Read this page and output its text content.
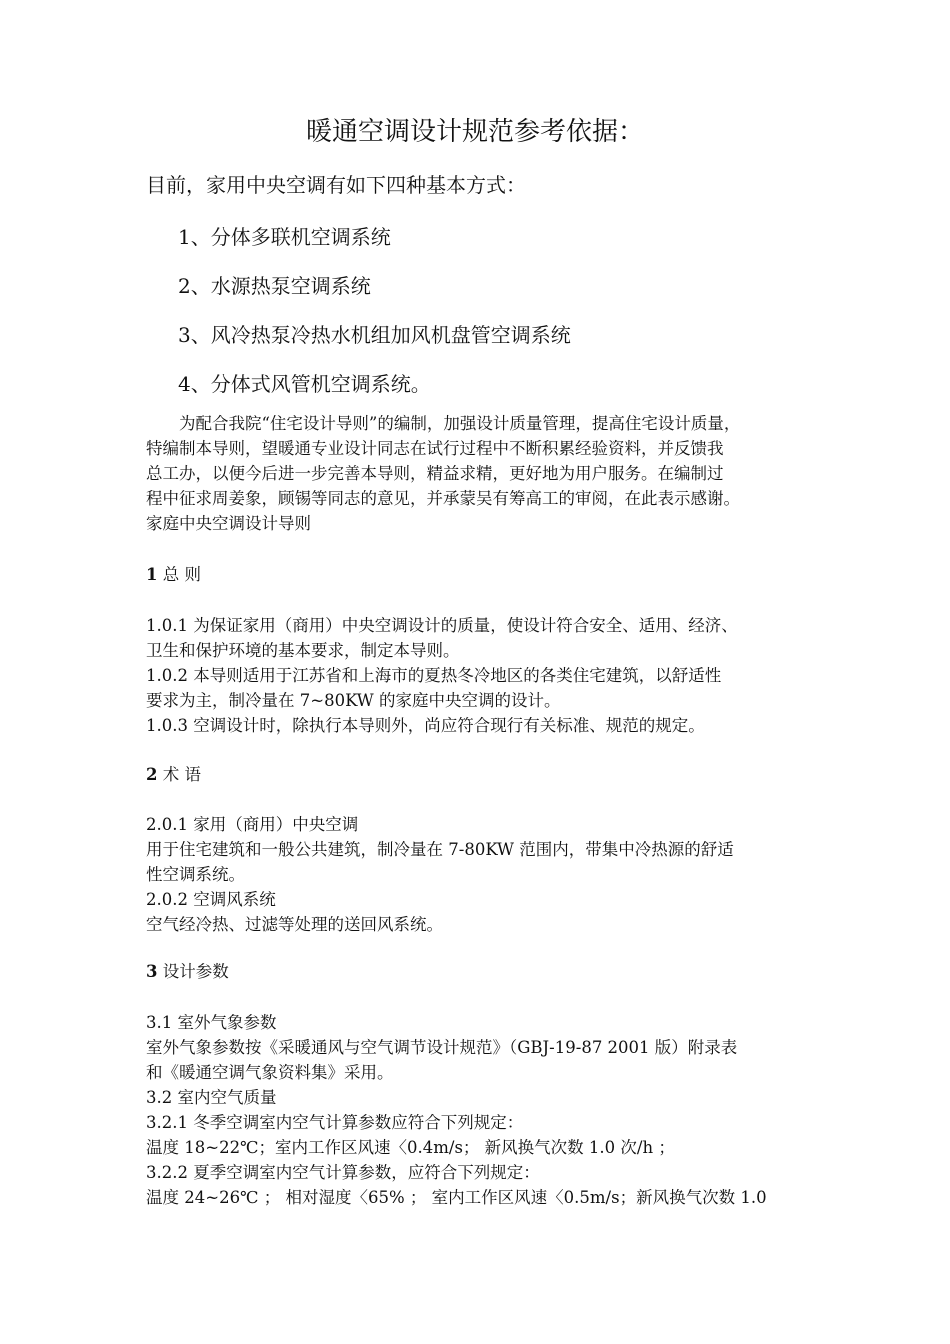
暖通空调设计规范参考依据：
目前，家用中央空调有如下四种基本方式：
1、分体多联机空调系统
2、水源热泵空调系统
3、风冷热泵冷热水机组加风机盘管空调系统
4、分体式风管机空调系统。
　　为配合我院“住宅设计导则”的编制，加强设计质量管理，提高住宅设计质量，
特编制本导则，望暖通专业设计同志在试行过程中不断积累经验资料，并反馈我
总工办，以便今后进一步完善本导则，精益求精，更好地为用户服务。在编制过
程中征求周姜象，顾锡等同志的意见，并承蒙吴有筹高工的审阅，在此表示感谢。
家庭中央空调设计导则
1 总 则
1.0.1 为保证家用（商用）中央空调设计的质量，使设计符合安全、适用、经济、
卫生和保护环境的基本要求，制定本导则。
1.0.2 本导则适用于江苏省和上海市的夏热冬冷地区的各类住宅建筑，以舒适性
要求为主，制冷量在 7~80KW 的家庭中央空调的设计。
1.0.3 空调设计时，除执行本导则外，尚应符合现行有关标准、规范的规定。
2 术 语
2.0.1 家用（商用）中央空调
用于住宅建筑和一般公共建筑，制冷量在 7-80KW 范围内，带集中冷热源的舒适
性空调系统。
2.0.2 空调风系统
空气经冷热、过滤等处理的送回风系统。
3 设计参数
3.1 室外气象参数
室外气象参数按《采暖通风与空气调节设计规范》（GBJ-19-87 2001 版）附录表
和《暖通空调气象资料集》采用。
3.2 室内空气质量
3.2.1 冬季空调室内空气计算参数应符合下列规定：
温度 18~22℃；室内工作区风速〈0.4m/s； 新风换气次数 1.0 次/h ；
3.2.2 夏季空调室内空气计算参数，应符合下列规定：
温度 24~26℃ ； 相对湿度〈65% ； 室内工作区风速〈0.5m/s；新风换气次数 1.0
